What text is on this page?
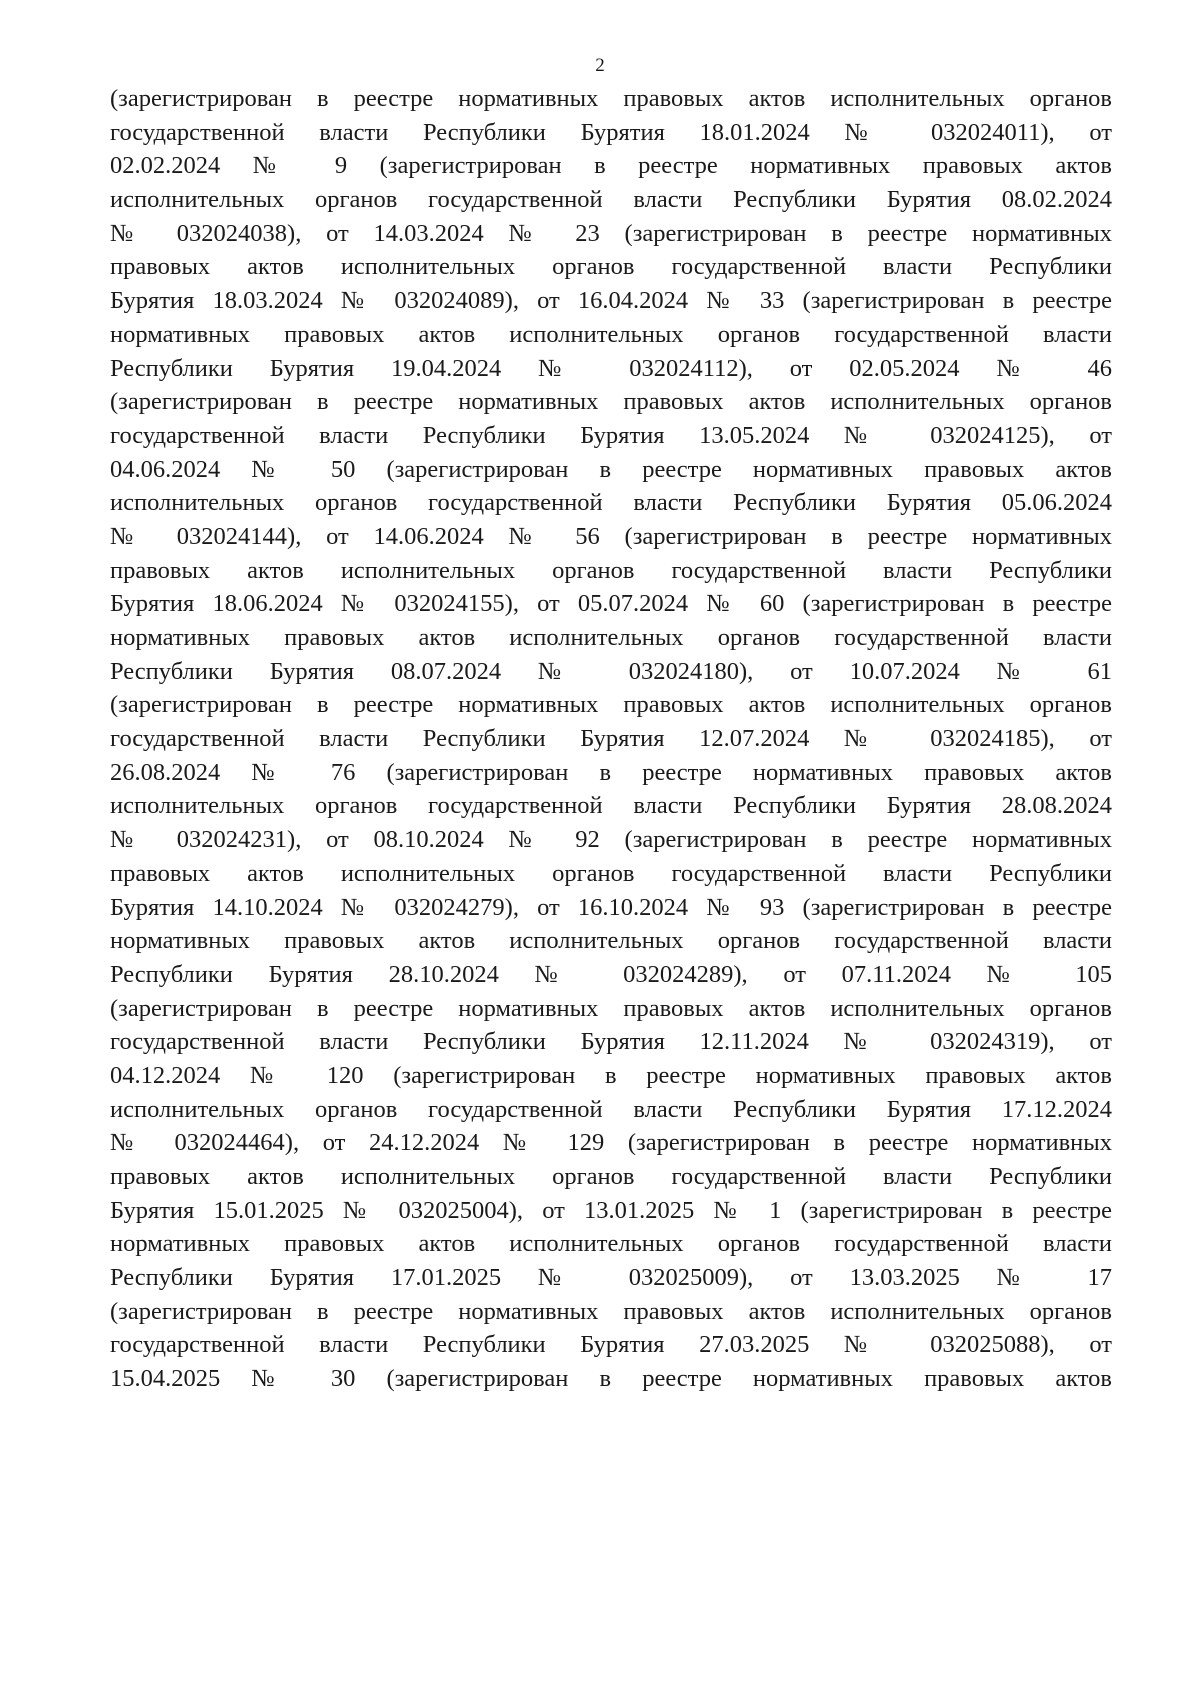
2
(зарегистрирован в реестре нормативных правовых актов исполнительных органов
государственной власти Республики Бурятия 18.01.2024 № 032024011), от
02.02.2024 № 9 (зарегистрирован в реестре нормативных правовых актов
исполнительных органов государственной власти Республики Бурятия 08.02.2024
№ 032024038), от 14.03.2024 № 23 (зарегистрирован в реестре нормативных
правовых актов исполнительных органов государственной власти Республики
Бурятия 18.03.2024 № 032024089), от 16.04.2024 № 33 (зарегистрирован в реестре
нормативных правовых актов исполнительных органов государственной власти
Республики Бурятия 19.04.2024 № 032024112), от 02.05.2024 № 46
(зарегистрирован в реестре нормативных правовых актов исполнительных органов
государственной власти Республики Бурятия 13.05.2024 № 032024125), от
04.06.2024 № 50 (зарегистрирован в реестре нормативных правовых актов
исполнительных органов государственной власти Республики Бурятия 05.06.2024
№ 032024144), от 14.06.2024 № 56 (зарегистрирован в реестре нормативных
правовых актов исполнительных органов государственной власти Республики
Бурятия 18.06.2024 № 032024155), от 05.07.2024 № 60 (зарегистрирован в реестре
нормативных правовых актов исполнительных органов государственной власти
Республики Бурятия 08.07.2024 № 032024180), от 10.07.2024 № 61
(зарегистрирован в реестре нормативных правовых актов исполнительных органов
государственной власти Республики Бурятия 12.07.2024 № 032024185), от
26.08.2024 № 76 (зарегистрирован в реестре нормативных правовых актов
исполнительных органов государственной власти Республики Бурятия 28.08.2024
№ 032024231), от 08.10.2024 № 92 (зарегистрирован в реестре нормативных
правовых актов исполнительных органов государственной власти Республики
Бурятия 14.10.2024 № 032024279), от 16.10.2024 № 93 (зарегистрирован в реестре
нормативных правовых актов исполнительных органов государственной власти
Республики Бурятия 28.10.2024 № 032024289), от 07.11.2024 № 105
(зарегистрирован в реестре нормативных правовых актов исполнительных органов
государственной власти Республики Бурятия 12.11.2024 № 032024319), от
04.12.2024 № 120 (зарегистрирован в реестре нормативных правовых актов
исполнительных органов государственной власти Республики Бурятия 17.12.2024
№ 032024464), от 24.12.2024 № 129 (зарегистрирован в реестре нормативных
правовых актов исполнительных органов государственной власти Республики
Бурятия 15.01.2025 № 032025004), от 13.01.2025 № 1 (зарегистрирован в реестре
нормативных правовых актов исполнительных органов государственной власти
Республики Бурятия 17.01.2025 № 032025009), от 13.03.2025 № 17
(зарегистрирован в реестре нормативных правовых актов исполнительных органов
государственной власти Республики Бурятия 27.03.2025 № 032025088), от
15.04.2025 № 30 (зарегистрирован в реестре нормативных правовых актов
